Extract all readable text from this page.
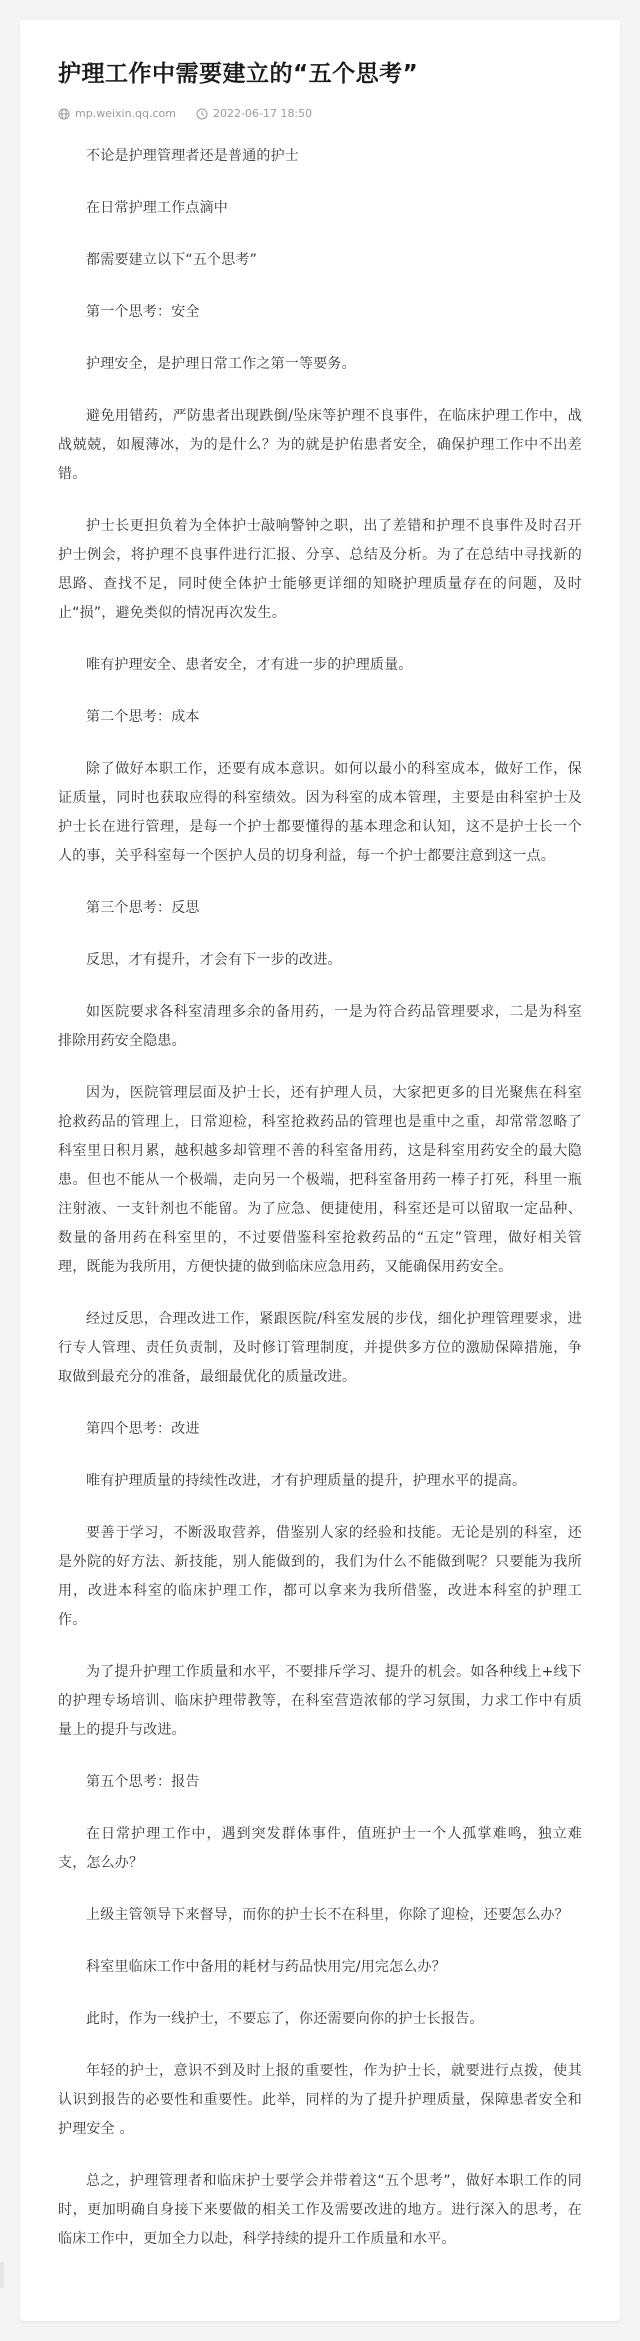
护理工作中需要建立的“五个思考”
mp.weixin.qq.com	2022-06-17 18:50

不论是护理管理者还是普通的护士

在日常护理工作点滴中

都需要建立以下“五个思考”

第一个思考：安全

护理安全，是护理日常工作之第一等要务。

避免用错药，严防患者出现跌倒/坠床等护理不良事件，在临床护理工作中，战战兢兢，如履薄冰，为的是什么？为的就是护佑患者安全，确保护理工作中不出差错。

护士长更担负着为全体护士敲响警钟之职，出了差错和护理不良事件及时召开护士例会，将护理不良事件进行汇报、分享、总结及分析。为了在总结中寻找新的思路、查找不足，同时使全体护士能够更详细的知晓护理质量存在的问题，及时止“损”，避免类似的情况再次发生。

唯有护理安全、患者安全，才有进一步的护理质量。

第二个思考：成本

除了做好本职工作，还要有成本意识。如何以最小的科室成本，做好工作，保证质量，同时也获取应得的科室绩效。因为科室的成本管理，主要是由科室护士及护士长在进行管理，是每一个护士都要懂得的基本理念和认知，这不是护士长一个人的事，关乎科室每一个医护人员的切身利益，每一个护士都要注意到这一点。

第三个思考：反思

反思，才有提升，才会有下一步的改进。

如医院要求各科室清理多余的备用药，一是为符合药品管理要求，二是为科室排除用药安全隐患。

因为，医院管理层面及护士长，还有护理人员，大家把更多的目光聚焦在科室抢救药品的管理上，日常迎检，科室抢救药品的管理也是重中之重，却常常忽略了科室里日积月累，越积越多却管理不善的科室备用药，这是科室用药安全的最大隐患。但也不能从一个极端，走向另一个极端，把科室备用药一棒子打死，科里一瓶注射液、一支针剂也不能留。为了应急、便捷使用，科室还是可以留取一定品种、数量的备用药在科室里的，不过要借鉴科室抢救药品的“五定”管理，做好相关管理，既能为我所用，方便快捷的做到临床应急用药，又能确保用药安全。

经过反思，合理改进工作，紧跟医院/科室发展的步伐，细化护理管理要求，进行专人管理、责任负责制，及时修订管理制度，并提供多方位的激励保障措施，争取做到最充分的准备，最细最优化的质量改进。

第四个思考：改进

唯有护理质量的持续性改进，才有护理质量的提升，护理水平的提高。

要善于学习，不断汲取营养，借鉴别人家的经验和技能。无论是别的科室，还是外院的好方法、新技能，别人能做到的，我们为什么不能做到呢？只要能为我所用，改进本科室的临床护理工作，都可以拿来为我所借鉴，改进本科室的护理工作。

为了提升护理工作质量和水平，不要排斥学习、提升的机会。如各种线上+线下的护理专场培训、临床护理带教等，在科室营造浓郁的学习氛围，力求工作中有质量上的提升与改进。

第五个思考：报告

在日常护理工作中，遇到突发群体事件，值班护士一个人孤掌难鸣，独立难支，怎么办？

上级主管领导下来督导，而你的护士长不在科里，你除了迎检，还要怎么办？

科室里临床工作中备用的耗材与药品快用完/用完怎么办？

此时，作为一线护士，不要忘了，你还需要向你的护士长报告。

年轻的护士，意识不到及时上报的重要性，作为护士长，就要进行点拨，使其认识到报告的必要性和重要性。此举，同样的为了提升护理质量，保障患者安全和护理安全 。

总之，护理管理者和临床护士要学会并带着这“五个思考”，做好本职工作的同时，更加明确自身接下来要做的相关工作及需要改进的地方。进行深入的思考，在临床工作中，更加全力以赴，科学持续的提升工作质量和水平。
